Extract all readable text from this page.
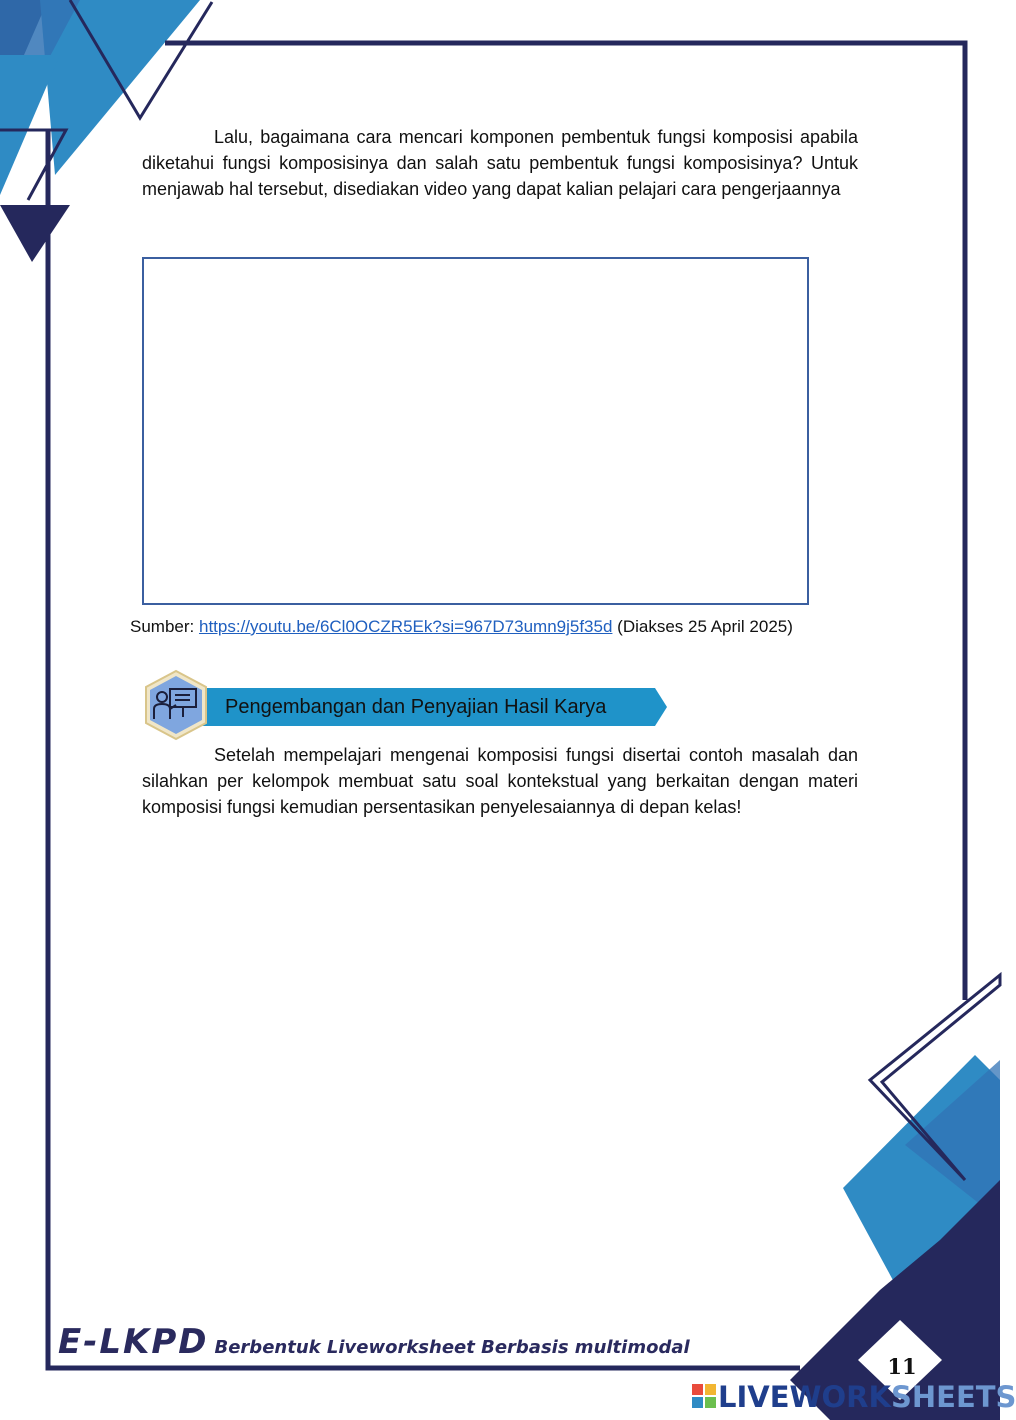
Lalu, bagaimana cara mencari komponen pembentuk fungsi komposisi apabila diketahui fungsi komposisinya dan salah satu pembentuk fungsi komposisinya? Untuk menjawab hal tersebut, disediakan video yang dapat kalian pelajari cara pengerjaannya

Sumber: https://youtu.be/6Cl0OCZR5Ek?si=967D73umn9j5f35d (Diakses 25 April 2025)
Pengembangan dan Penyajian Hasil Karya

Setelah mempelajari mengenai komposisi fungsi disertai contoh masalah dan silahkan per kelompok membuat satu soal kontekstual yang berkaitan dengan materi komposisi fungsi kemudian persentasikan penyelesaiannya di depan kelas!

E-LKPD Berbentuk Liveworksheet Berbasis multimodal
11
LIVEWORKSHEETS
